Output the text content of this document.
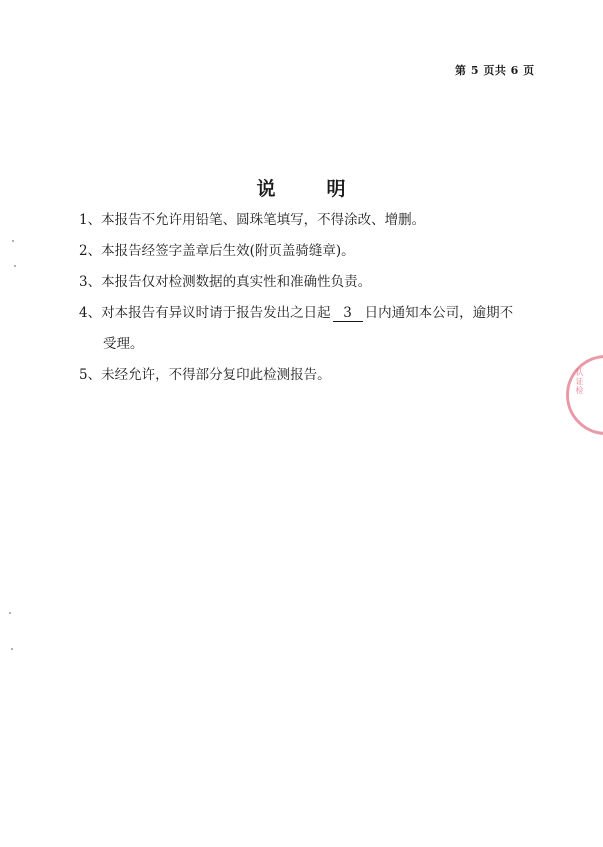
第 5 页共 6 页
说	明
1、本报告不允许用铅笔、圆珠笔填写，不得涂改、增删。
2、本报告经签字盖章后生效(附页盖骑缝章)。
3、本报告仅对检测数据的真实性和准确性负责。
4、对本报告有异议时请于报告发出之日起 3 日内通知本公司，逾期不
受理。
5、未经允许，不得部分复印此检测报告。	认证检
